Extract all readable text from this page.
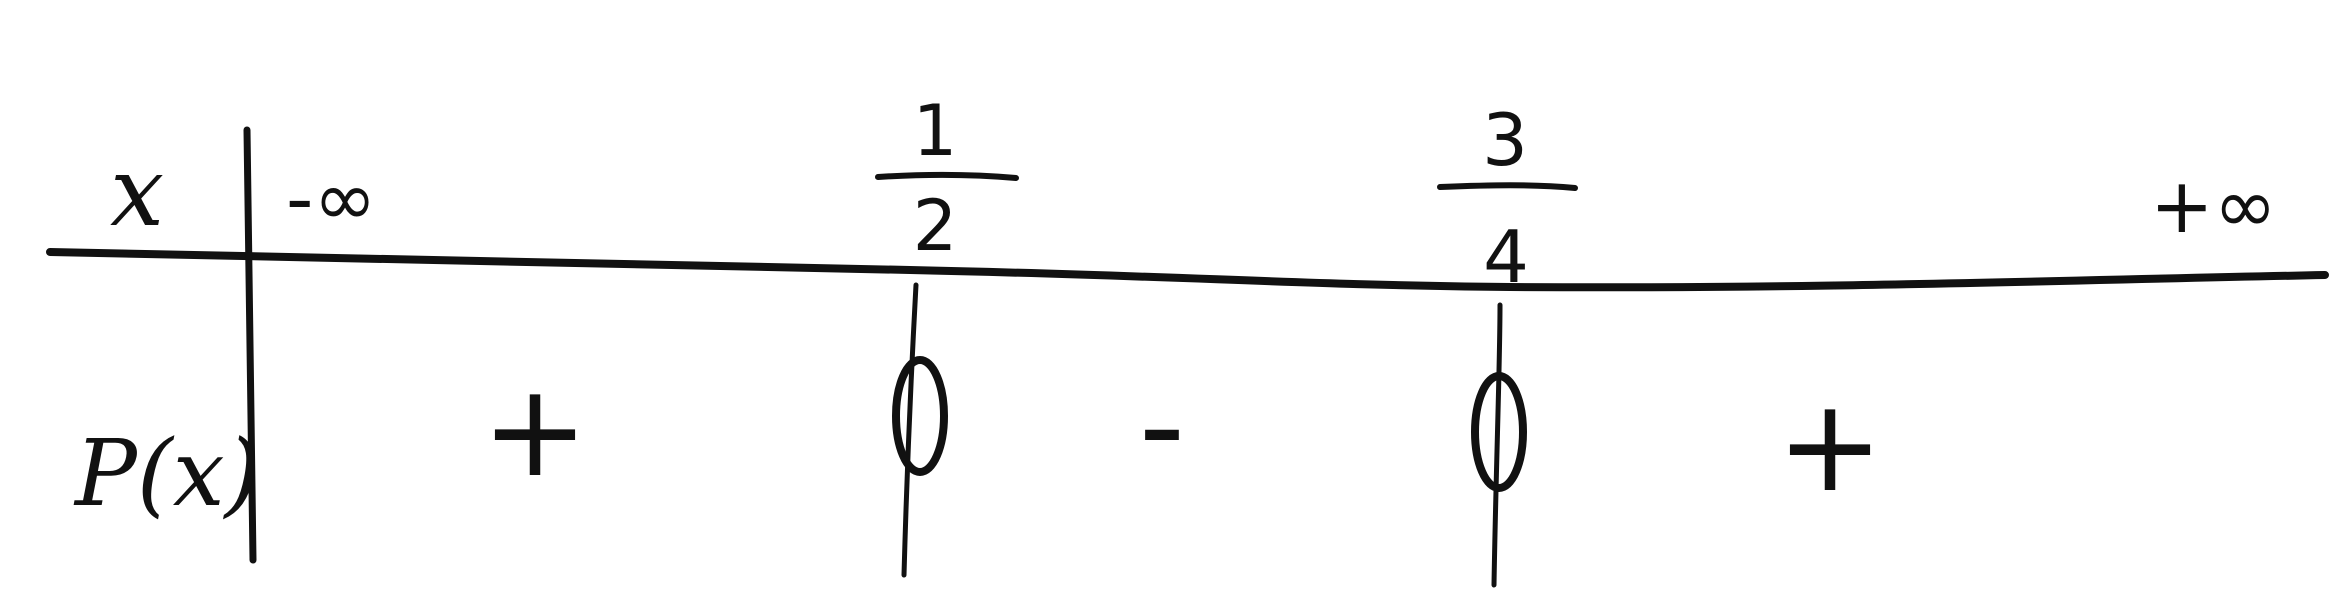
x
P(x)
-∞
1
2
3
4
+∞
+	-	+
